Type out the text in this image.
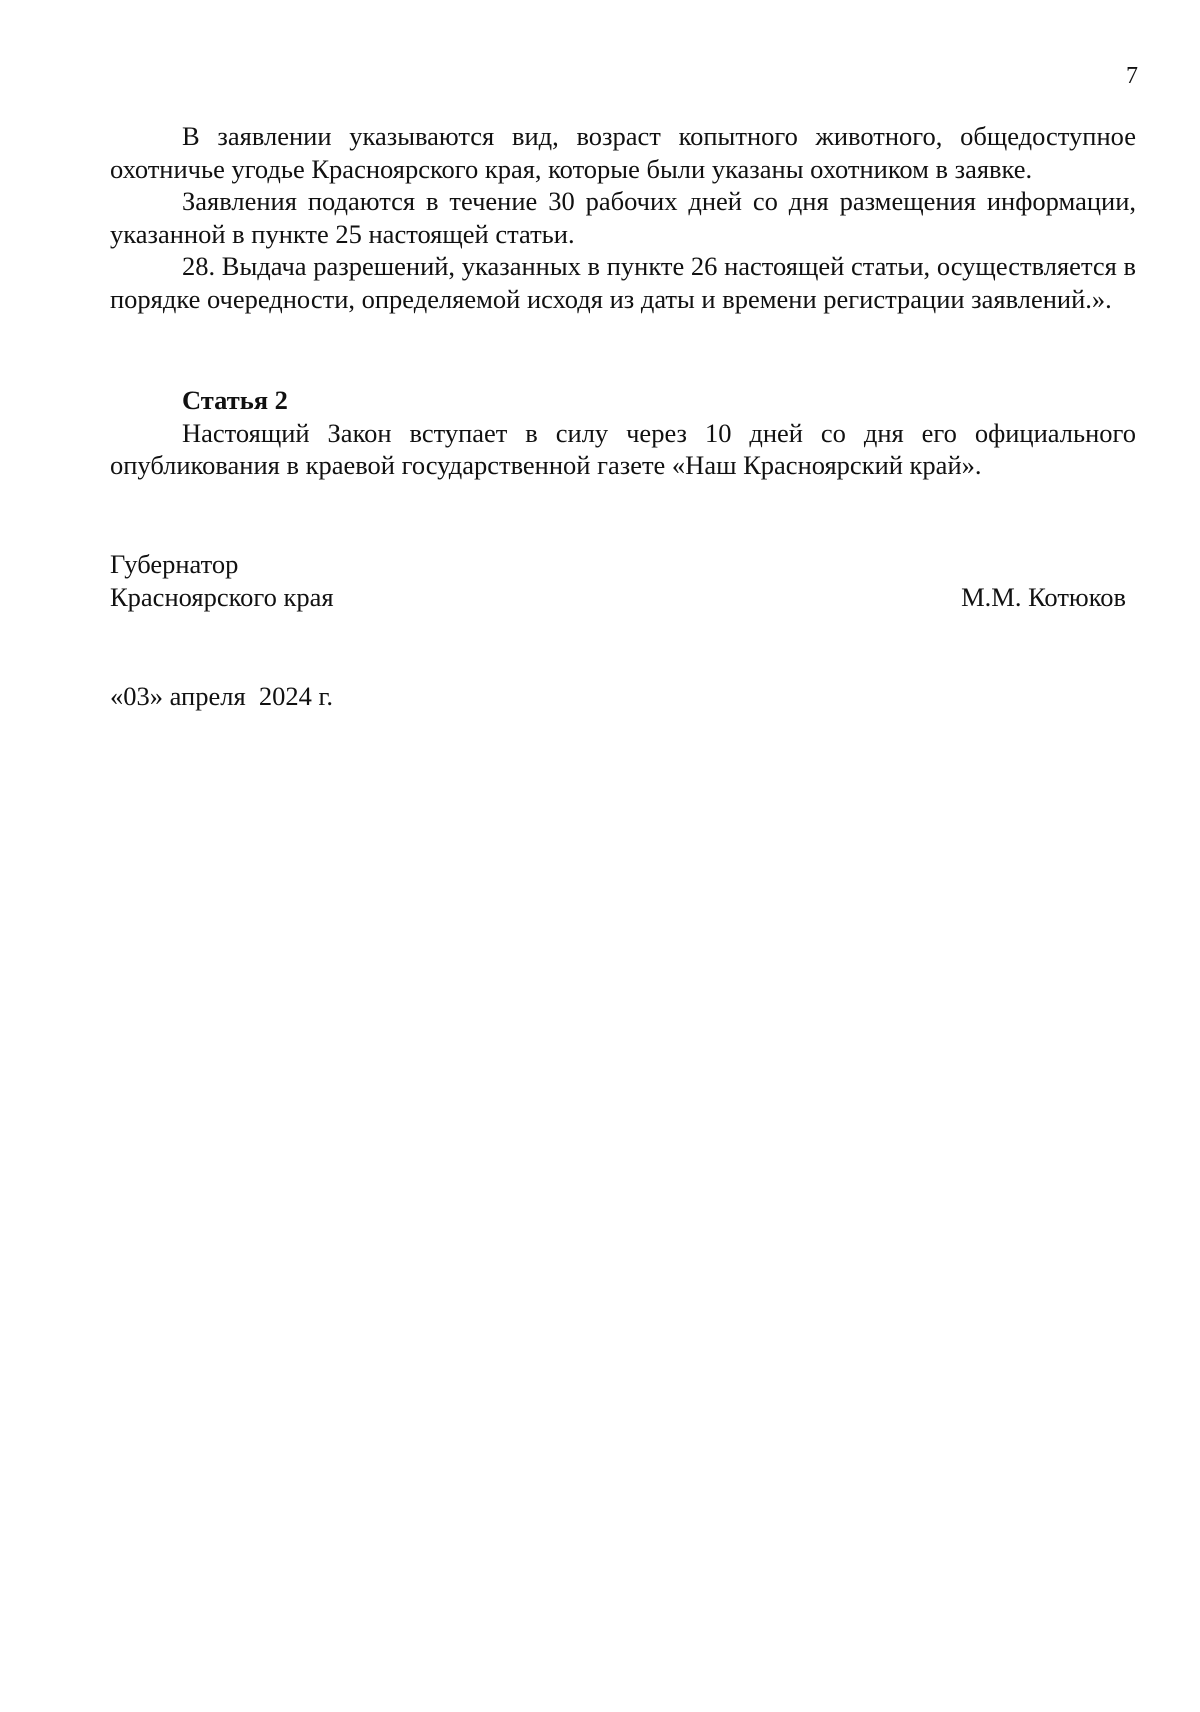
7

В заявлении указываются вид, возраст копытного животного, общедоступное охотничье угодье Красноярского края, которые были указаны охотником в заявке.

Заявления подаются в течение 30 рабочих дней со дня размещения информации, указанной в пункте 25 настоящей статьи.

28. Выдача разрешений, указанных в пункте 26 настоящей статьи, осуществляется в порядке очередности, определяемой исходя из даты и времени регистрации заявлений.».

Статья 2

Настоящий Закон вступает в силу через 10 дней со дня его официального опубликования в краевой государственной газете «Наш Красноярский край».

Губернатор
Красноярского края	М.М. Котюков
«03» апреля  2024 г.
